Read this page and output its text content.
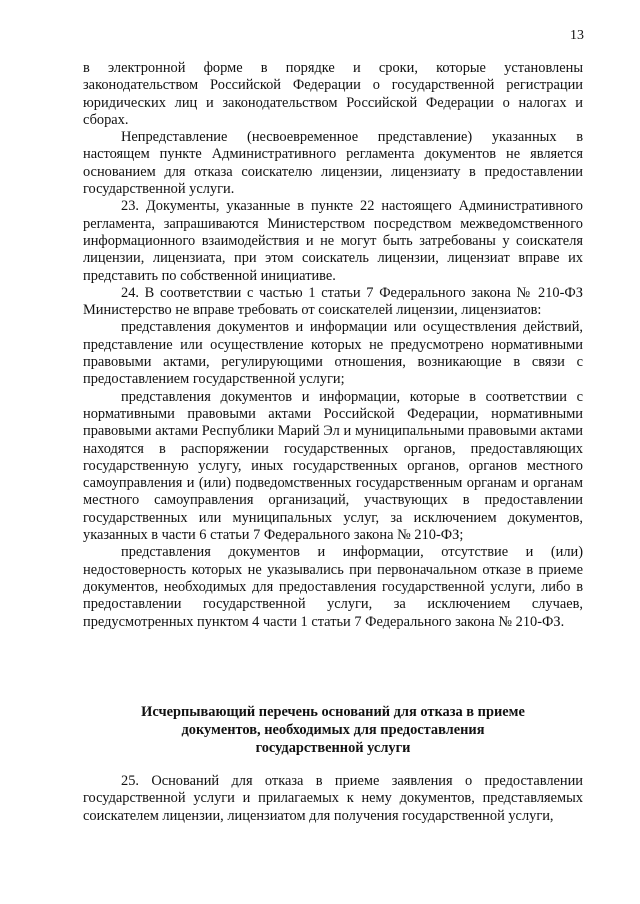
13

в электронной форме в порядке и сроки, которые установлены законодательством Российской Федерации о государственной регистрации юридических лиц и законодательством Российской Федерации о налогах и сборах.

Непредставление (несвоевременное представление) указанных в настоящем пункте Административного регламента документов не является основанием для отказа соискателю лицензии, лицензиату в предоставлении государственной услуги.

23. Документы, указанные в пункте 22 настоящего Административного регламента, запрашиваются Министерством посредством межведомственного информационного взаимодействия и не могут быть затребованы у соискателя лицензии, лицензиата, при этом соискатель лицензии, лицензиат вправе их представить по собственной инициативе.

24. В соответствии с частью 1 статьи 7 Федерального закона № 210-ФЗ Министерство не вправе требовать от соискателей лицензии, лицензиатов:

представления документов и информации или осуществления действий, представление или осуществление которых не предусмотрено нормативными правовыми актами, регулирующими отношения, возникающие в связи с предоставлением государственной услуги;

представления документов и информации, которые в соответствии с нормативными правовыми актами Российской Федерации, нормативными правовыми актами Республики Марий Эл и муниципальными правовыми актами находятся в распоряжении государственных органов, предоставляющих государственную услугу, иных государственных органов, органов местного самоуправления и (или) подведомственных государственным органам и органам местного самоуправления организаций, участвующих в предоставлении государственных или муниципальных услуг, за исключением документов, указанных в части 6 статьи 7 Федерального закона № 210-ФЗ;

представления документов и информации, отсутствие и (или) недостоверность которых не указывались при первоначальном отказе в приеме документов, необходимых для предоставления государственной услуги, либо в предоставлении государственной услуги, за исключением случаев, предусмотренных пунктом 4 части 1 статьи 7 Федерального закона № 210-ФЗ.

Исчерпывающий перечень оснований для отказа в приеме
документов, необходимых для предоставления
государственной услуги

25. Оснований для отказа в приеме заявления о предоставлении государственной услуги и прилагаемых к нему документов, представляемых соискателем лицензии, лицензиатом для получения государственной услуги,
